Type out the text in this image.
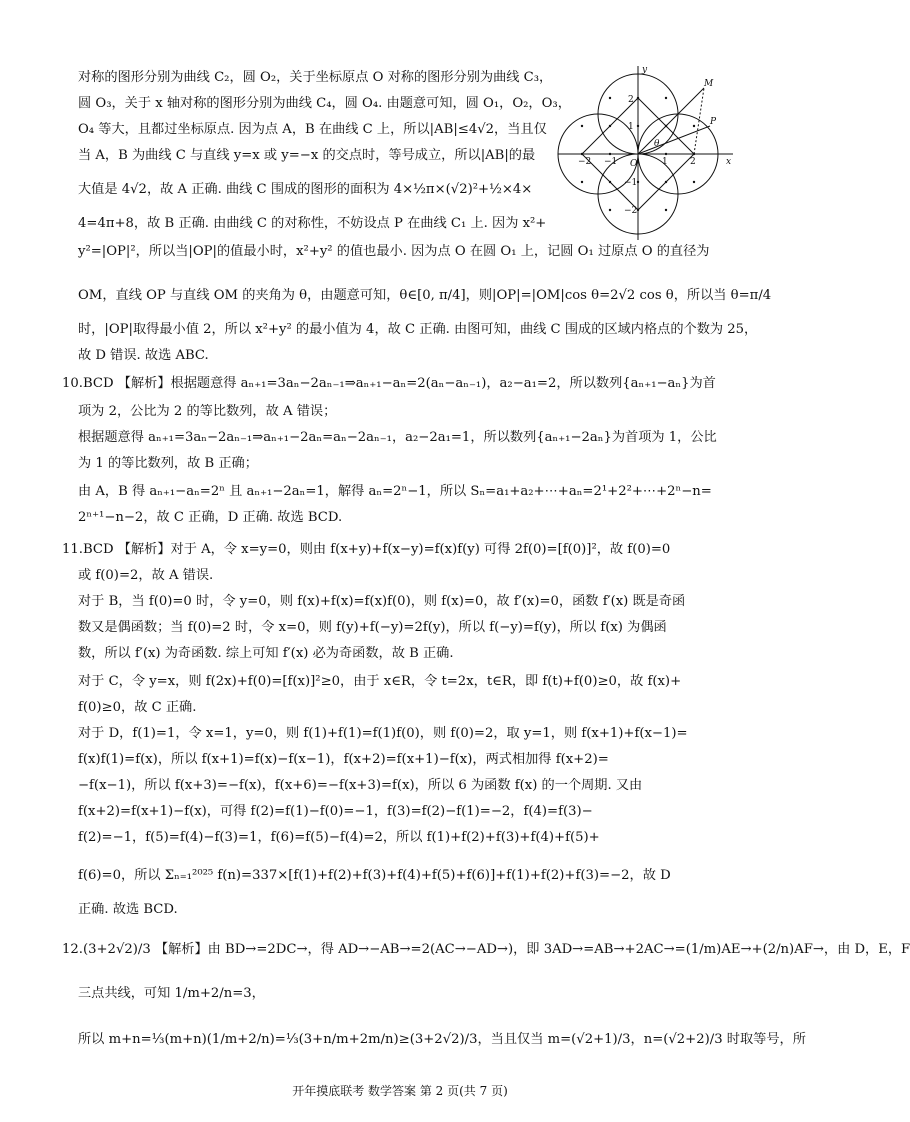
对称的图形分别为曲线 C₂，圆 O₂，关于坐标原点 O 对称的图形分别为曲线 C₃，
圆 O₃，关于 x 轴对称的图形分别为曲线 C₄，圆 O₄. 由题意可知，圆 O₁，O₂，O₃，
O₄ 等大，且都过坐标原点. 因为点 A，B 在曲线 C 上，所以|AB|≤4√2，当且仅
当 A，B 为曲线 C 与直线 y=x 或 y=−x 的交点时，等号成立，所以|AB|的最
大值是 4√2，故 A 正确. 曲线 C 围成的图形的面积为 4×½π×(√2)²+½×4×
4=4π+8，故 B 正确. 由曲线 C 的对称性，不妨设点 P 在曲线 C₁ 上. 因为 x²+
y²=|OP|²，所以当|OP|的值最小时，x²+y² 的值也最小. 因为点 O 在圆 O₁ 上，记圆 O₁ 过原点 O 的直径为
OM，直线 OP 与直线 OM 的夹角为 θ，由题意可知，θ∈[0, π/4]，则|OP|=|OM|cos θ=2√2 cos θ，所以当 θ=π/4
时，|OP|取得最小值 2，所以 x²+y² 的最小值为 4，故 C 正确. 由图可知，曲线 C 围成的区域内格点的个数为 25，
故 D 错误. 故选 ABC.
y
x
O
θ
M
P
−2 −1	1 2
2
1
−1
−2
10.BCD 【解析】根据题意得 aₙ₊₁=3aₙ−2aₙ₋₁⇒aₙ₊₁−aₙ=2(aₙ−aₙ₋₁)，a₂−a₁=2，所以数列{aₙ₊₁−aₙ}为首
项为 2，公比为 2 的等比数列，故 A 错误；
根据题意得 aₙ₊₁=3aₙ−2aₙ₋₁⇒aₙ₊₁−2aₙ=aₙ−2aₙ₋₁，a₂−2a₁=1，所以数列{aₙ₊₁−2aₙ}为首项为 1，公比
为 1 的等比数列，故 B 正确；
由 A，B 得 aₙ₊₁−aₙ=2ⁿ 且 aₙ₊₁−2aₙ=1，解得 aₙ=2ⁿ−1，所以 Sₙ=a₁+a₂+⋯+aₙ=2¹+2²+⋯+2ⁿ−n=
2ⁿ⁺¹−n−2，故 C 正确，D 正确. 故选 BCD.
11.BCD 【解析】对于 A，令 x=y=0，则由 f(x+y)+f(x−y)=f(x)f(y) 可得 2f(0)=[f(0)]²，故 f(0)=0
或 f(0)=2，故 A 错误.
对于 B，当 f(0)=0 时，令 y=0，则 f(x)+f(x)=f(x)f(0)，则 f(x)=0，故 f′(x)=0，函数 f′(x) 既是奇函
数又是偶函数；当 f(0)=2 时，令 x=0，则 f(y)+f(−y)=2f(y)，所以 f(−y)=f(y)，所以 f(x) 为偶函
数，所以 f′(x) 为奇函数. 综上可知 f′(x) 必为奇函数，故 B 正确.
对于 C，令 y=x，则 f(2x)+f(0)=[f(x)]²≥0，由于 x∈R，令 t=2x，t∈R，即 f(t)+f(0)≥0，故 f(x)+
f(0)≥0，故 C 正确.
对于 D，f(1)=1，令 x=1，y=0，则 f(1)+f(1)=f(1)f(0)，则 f(0)=2，取 y=1，则 f(x+1)+f(x−1)=
f(x)f(1)=f(x)，所以 f(x+1)=f(x)−f(x−1)，f(x+2)=f(x+1)−f(x)，两式相加得 f(x+2)=
−f(x−1)，所以 f(x+3)=−f(x)，f(x+6)=−f(x+3)=f(x)，所以 6 为函数 f(x) 的一个周期. 又由
f(x+2)=f(x+1)−f(x)，可得 f(2)=f(1)−f(0)=−1，f(3)=f(2)−f(1)=−2，f(4)=f(3)−
f(2)=−1，f(5)=f(4)−f(3)=1，f(6)=f(5)−f(4)=2，所以 f(1)+f(2)+f(3)+f(4)+f(5)+
f(6)=0，所以 Σₙ₌₁²⁰²⁵ f(n)=337×[f(1)+f(2)+f(3)+f(4)+f(5)+f(6)]+f(1)+f(2)+f(3)=−2，故 D
正确. 故选 BCD.
12.(3+2√2)/3 【解析】由 BD→=2DC→，得 AD→−AB→=2(AC→−AD→)，即 3AD→=AB→+2AC→=(1/m)AE→+(2/n)AF→，由 D，E，F
三点共线，可知 1/m+2/n=3，
所以 m+n=⅓(m+n)(1/m+2/n)=⅓(3+n/m+2m/n)≥(3+2√2)/3，当且仅当 m=(√2+1)/3，n=(√2+2)/3 时取等号，所
开年摸底联考 数学答案 第 2 页(共 7 页)
